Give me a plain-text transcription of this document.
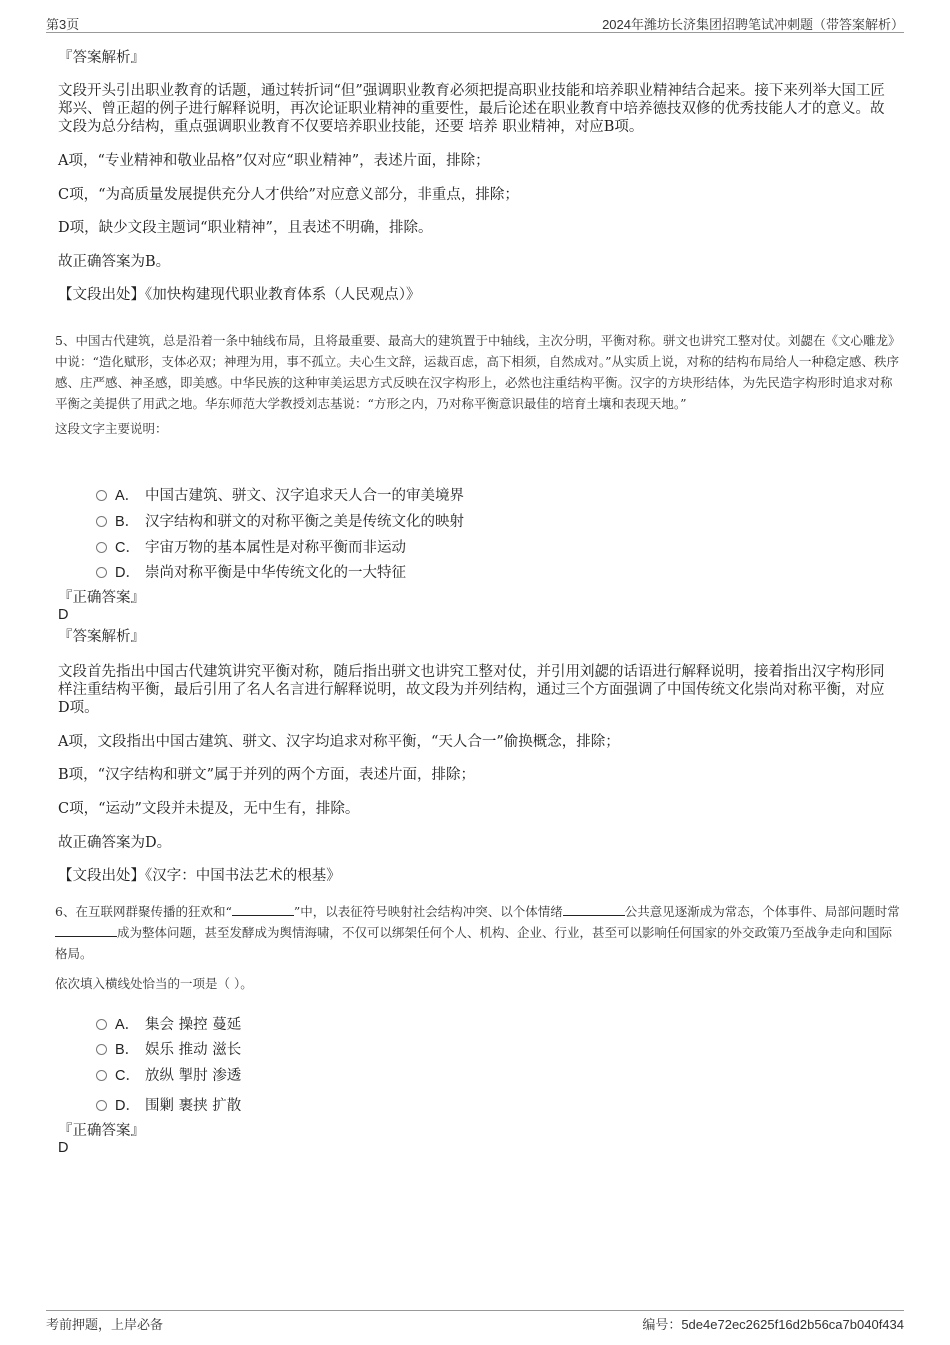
第3页	2024年潍坊长济集团招聘笔试冲刺题（带答案解析）
『答案解析』

文段开头引出职业教育的话题，通过转折词“但”强调职业教育必须把提高职业技能和培养职业精神结合起来。接下来列举大国工匠郑兴、曾正超的例子进行解释说明，再次论证职业精神的重要性，最后论述在职业教育中培养德技双修的优秀技能人才的意义。故文段为总分结构，重点强调职业教育不仅要培养职业技能，还要 培养 职业精神，对应B项。

A项，“专业精神和敬业品格”仅对应“职业精神”，表述片面，排除；

C项，“为高质量发展提供充分人才供给”对应意义部分，非重点，排除；

D项，缺少文段主题词“职业精神”，且表述不明确，排除。

故正确答案为B。

【文段出处】《加快构建现代职业教育体系（人民观点）》

5、中国古代建筑，总是沿着一条中轴线布局，且将最重要、最高大的建筑置于中轴线，主次分明，平衡对称。骈文也讲究工整对仗。刘勰在《文心雕龙》中说：“造化赋形，支体必双；神理为用，事不孤立。夫心生文辞，运裁百虑，高下相须，自然成对。”从实质上说，对称的结构布局给人一种稳定感、秩序感、庄严感、神圣感，即美感。中华民族的这种审美运思方式反映在汉字构形上，必然也注重结构平衡。汉字的方块形结体，为先民造字构形时追求对称平衡之美提供了用武之地。华东师范大学教授刘志基说：“方形之内，乃对称平衡意识最佳的培育土壤和表现天地。”

这段文字主要说明：

A． 中国古建筑、骈文、汉字追求天人合一的审美境界
B． 汉字结构和骈文的对称平衡之美是传统文化的映射
C． 宇宙万物的基本属性是对称平衡而非运动
D． 崇尚对称平衡是中华传统文化的一大特征
『正确答案』
D
『答案解析』

文段首先指出中国古代建筑讲究平衡对称，随后指出骈文也讲究工整对仗，并引用刘勰的话语进行解释说明，接着指出汉字构形同样注重结构平衡，最后引用了名人名言进行解释说明，故文段为并列结构，通过三个方面强调了中国传统文化崇尚对称平衡，对应D项。

A项，文段指出中国古建筑、骈文、汉字均追求对称平衡，“天人合一”偷换概念，排除；

B项，“汉字结构和骈文”属于并列的两个方面，表述片面，排除；

C项，“运动”文段并未提及，无中生有，排除。

故正确答案为D。

【文段出处】《汉字：中国书法艺术的根基》

6、在互联网群聚传播的狂欢和“	”中，以表征符号映射社会结构冲突、以个体情绪	公共意见逐渐成为常态，个体事件、局部问题时常成为整体问题，甚至发酵成为舆情海啸，不仅可以绑架任何个人、机构、企业、行业，甚至可以影响任何国家的外交政策乃至战争走向和国际格局。

依次填入横线处恰当的一项是（ ）。

A． 集会 操控 蔓延
B． 娱乐 推动 滋长
C． 放纵 掣肘 渗透
D． 围剿 裹挟 扩散
『正确答案』
D
考前押题，上岸必备	编号：5de4e72ec2625f16d2b56ca7b040f434
